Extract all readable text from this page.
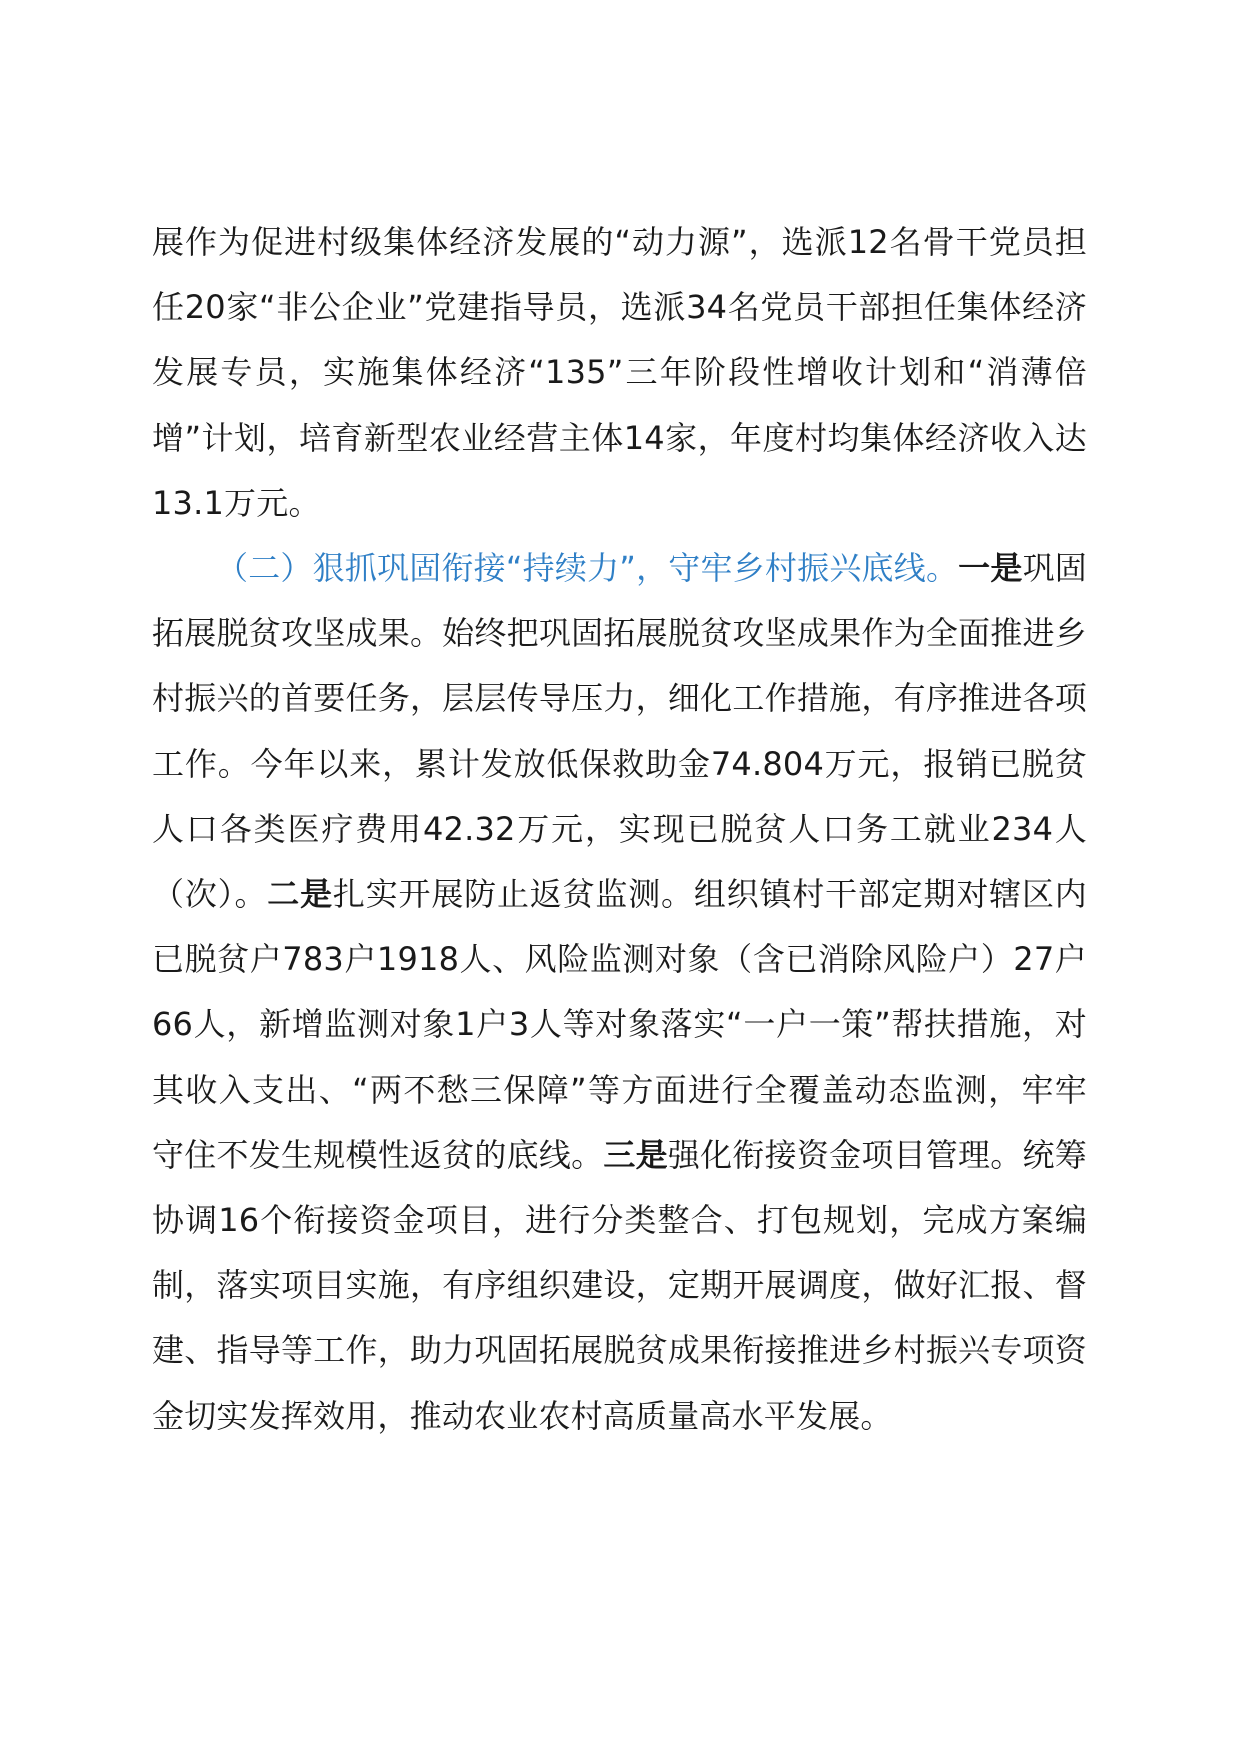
展作为促进村级集体经济发展的“动力源”，选派12名骨干党员担任20家“非公企业”党建指导员，选派34名党员干部担任集体经济发展专员，实施集体经济“135”三年阶段性增收计划和“消薄倍增”计划，培育新型农业经营主体14家，年度村均集体经济收入达13.1万元。

（二）狠抓巩固衔接“持续力”，守牢乡村振兴底线。一是巩固拓展脱贫攻坚成果。始终把巩固拓展脱贫攻坚成果作为全面推进乡村振兴的首要任务，层层传导压力，细化工作措施，有序推进各项工作。今年以来，累计发放低保救助金74.804万元，报销已脱贫人口各类医疗费用42.32万元，实现已脱贫人口务工就业234人（次）。二是扎实开展防止返贫监测。组织镇村干部定期对辖区内已脱贫户783户1918人、风险监测对象（含已消除风险户）27户66人，新增监测对象1户3人等对象落实“一户一策”帮扶措施，对其收入支出、“两不愁三保障”等方面进行全覆盖动态监测，牢牢守住不发生规模性返贫的底线。三是强化衔接资金项目管理。统筹协调16个衔接资金项目，进行分类整合、打包规划，完成方案编制，落实项目实施，有序组织建设，定期开展调度，做好汇报、督建、指导等工作，助力巩固拓展脱贫成果衔接推进乡村振兴专项资金切实发挥效用，推动农业农村高质量高水平发展。
